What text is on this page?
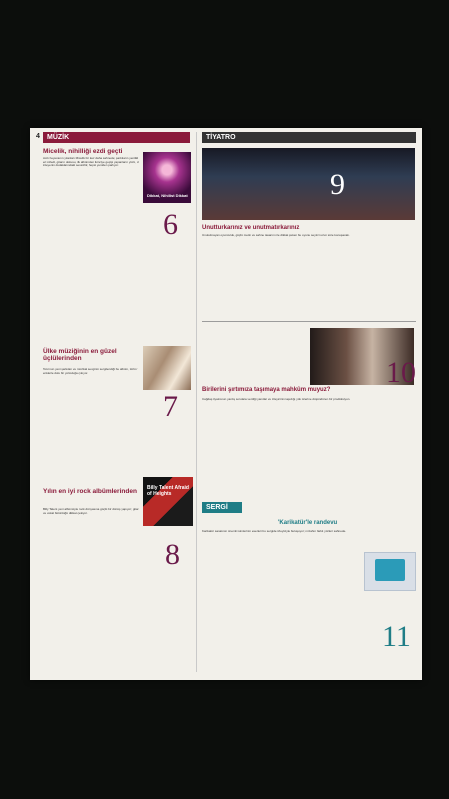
4	MÜZİK	TİYATRO
Micelik, nihilliği ezdi geçti
Acılı heyecanın yılanları Micelik bir kez daha sahnede; şarkıların yenilikleri özledi, gitarın dokusu, ilk albümden ikinciye geçişi yapanların yüzü, dinleyenin dudaklarındaki sessizlik; hepsi yeniden parlıyor.
Dikkat, Nihilist Dikkat
6
Ülke müziğinin en güzel üçlülerinden
Toto'nun yeni şarkıları ve müzikal sevginin sergilendiği bu albüm, türlü renklerle dolu bir yolculuğa çıkıyor.
7
Yılın en iyi rock albümlerinden
Billy Talent yeni albümüyle rock dünyasına güçlü bir dönüş yapıyor; gitar ve vokal bütünlüğü dikkat çekiyor.
Billy Talent Afraid of Heights
8
9
Unutturkarınız ve unutmatırkarınız
Unutulmayan oyunculuk, güçlü metin ve sahne tasarımı ile dikkat çeken bu oyunu seyirci uzun süre konuşacak.
10
Birilerini şırtımıza taşımaya mahkûm muyuz?
Cağdaş tiyatronun yanlış sorulara verdiği yanıtlar ve izleyicinin taşıdığı yük üzerine düşündüren bir prodüksiyon.
SERGİ
'Karikatür'le randevu
Karikatür sanatının önemli isimlerinin eserleri bu sergide izleyiciyle buluşuyor; mizahın farklı yüzleri sahnede.
11
